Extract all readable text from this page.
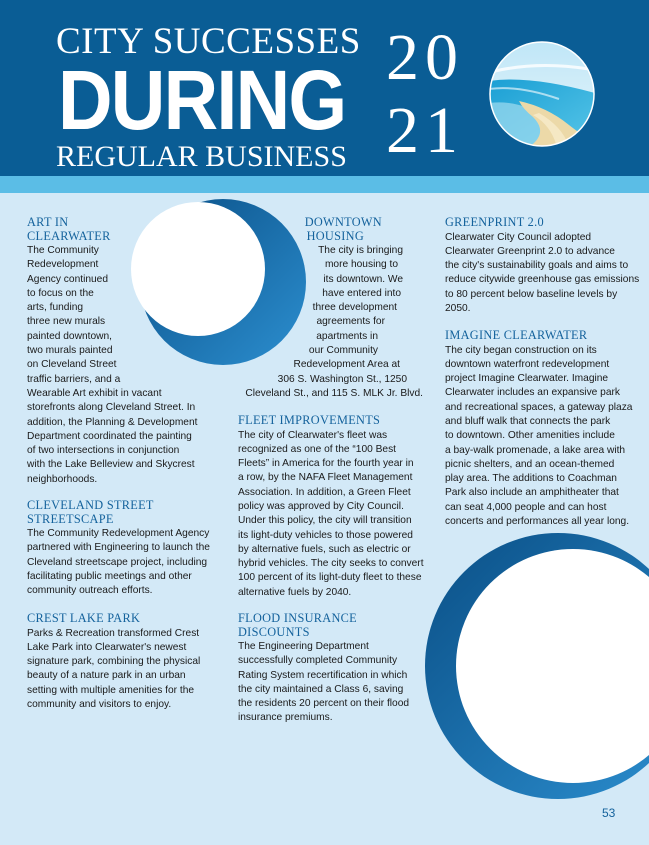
CITY SUCCESSES
DURING
REGULAR BUSINESS
20
21
ART IN
CLEARWATER
The Community
Redevelopment
Agency continued
to focus on the
arts, funding
three new murals
painted downtown,
two murals painted
on Cleveland Street
traffic barriers, and a
Wearable Art exhibit in vacant
storefronts along Cleveland Street. In
addition, the Planning & Development
Department coordinated the painting
of two intersections in conjunction
with the Lake Belleview and Skycrest
neighborhoods.
CLEVELAND STREET
STREETSCAPE
The Community Redevelopment Agency
partnered with Engineering to launch the
Cleveland streetscape project, including
facilitating public meetings and other
community outreach efforts.
CREST LAKE PARK
Parks & Recreation transformed Crest
Lake Park into Clearwater's newest
signature park, combining the physical
beauty of a nature park in an urban
setting with multiple amenities for the
community and visitors to enjoy.
DOWNTOWN
HOUSING
The city is bringing
more housing to
its downtown. We
have entered into
three development
agreements for
apartments in
our Community
Redevelopment Area at
306 S. Washington St., 1250
Cleveland St., and 115 S. MLK Jr. Blvd.
FLEET IMPROVEMENTS
The city of Clearwater's fleet was
recognized as one of the “100 Best
Fleets” in America for the fourth year in
a row, by the NAFA Fleet Management
Association. In addition, a Green Fleet
policy was approved by City Council.
Under this policy, the city will transition
its light-duty vehicles to those powered
by alternative fuels, such as electric or
hybrid vehicles. The city seeks to convert
100 percent of its light-duty fleet to these
alternative fuels by 2040.
FLOOD INSURANCE
DISCOUNTS
The Engineering Department
successfully completed Community
Rating System recertification in which
the city maintained a Class 6, saving
the residents 20 percent on their flood
insurance premiums.
GREENPRINT 2.0
Clearwater City Council adopted
Clearwater Greenprint 2.0 to advance
the city's sustainability goals and aims to
reduce citywide greenhouse gas emissions
to 80 percent below baseline levels by
2050.
IMAGINE CLEARWATER
The city began construction on its
downtown waterfront redevelopment
project Imagine Clearwater. Imagine
Clearwater includes an expansive park
and recreational spaces, a gateway plaza
and bluff walk that connects the park
to downtown. Other amenities include
a bay-walk promenade, a lake area with
picnic shelters, and an ocean-themed
play area. The additions to Coachman
Park also include an amphitheater that
can seat 4,000 people and can host
concerts and performances all year long.
53
